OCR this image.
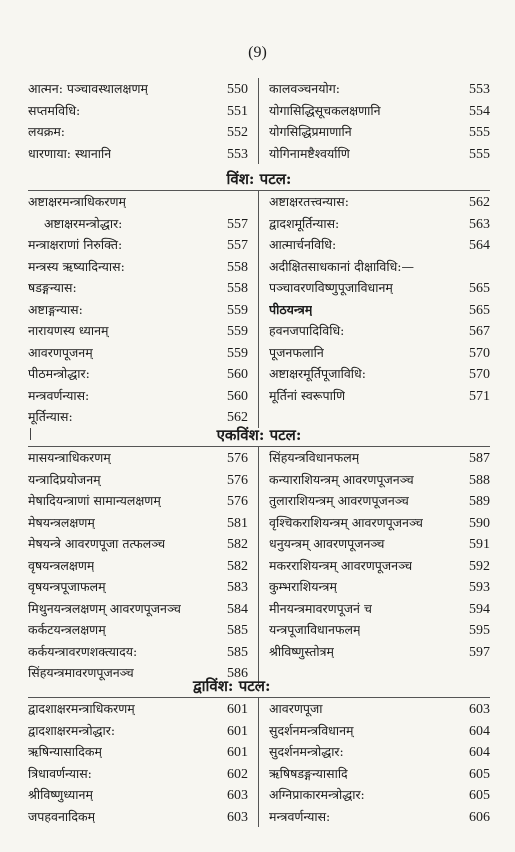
(9)
आत्मन: पञ्चावस्थालक्षणम्	550
सप्तमविधि:	551
लयक्रम:	552
धारणाया: स्थानानि	553
कालवञ्चनयोग:	553
योगासिद्धिसूचकलक्षणानि	554
योगसिद्धिप्रमाणानि	555
योगिनामष्टैश्वर्याणि	555
विंश: पटल:
अष्टाक्षरमन्त्राधिकरणम्
अष्टाक्षरमन्त्रोद्धार:	557
मन्त्राक्षराणां निरुक्ति:	557
मन्त्रस्य ऋष्यादिन्यास:	558
षडङ्गन्यास:	558
अष्टाङ्गन्यास:	559
नारायणस्य ध्यानम्	559
आवरणपूजनम्	559
पीठमन्त्रोद्धार:	560
मन्त्रवर्णन्यास:	560
मूर्तिन्यास:	562
अष्टाक्षरतत्त्वन्यास:	562
द्वादशमूर्तिन्यास:	563
आत्मार्चनविधि:	564
अदीक्षितसाधकानां दीक्षाविधि:—
पञ्चावरणविष्णुपूजाविधानम्	565
पीठयन्त्रम्	565
हवनजपादिविधि:	567
पूजनफलानि	570
अष्टाक्षरमूर्तिपूजाविधि:	570
मूर्तिनां स्वरूपाणि	571
एकविंश: पटल:
मासयन्त्राधिकरणम्	576
यन्त्रादिप्रयोजनम्	576
मेषादियन्त्राणां सामान्यलक्षणम्	576
मेषयन्त्रलक्षणम्	581
मेषयन्त्रे आवरणपूजा तत्फलञ्च	582
वृषयन्त्रलक्षणम्	582
वृषयन्त्रपूजाफलम्	583
मिथुनयन्त्रलक्षणम् आवरणपूजनञ्च	584
कर्कटयन्त्रलक्षणम्	585
कर्कयन्त्रावरणशक्त्यादय:	585
सिंहयन्त्रमावरणपूजनञ्च	586
सिंहयन्त्रविधानफलम्	587
कन्याराशियन्त्रम् आवरणपूजनञ्च	588
तुलाराशियन्त्रम् आवरणपूजनञ्च	589
वृश्चिकराशियन्त्रम् आवरणपूजनञ्च	590
धनुयन्त्रम् आवरणपूजनञ्च	591
मकरराशियन्त्रम् आवरणपूजनञ्च	592
कुम्भराशियन्त्रम्	593
मीनयन्त्रमावरणपूजनं च	594
यन्त्रपूजाविधानफलम्	595
श्रीविष्णुस्तोत्रम्	597
द्वाविंश: पटल:
द्वादशाक्षरमन्त्राधिकरणम्	601
द्वादशाक्षरमन्त्रोद्धार:	601
ऋषिन्यासादिकम्	601
त्रिधावर्णन्यास:	602
श्रीविष्णुध्यानम्	603
जपहवनादिकम्	603
आवरणपूजा	603
सुदर्शनमन्त्रविधानम्	604
सुदर्शनमन्त्रोद्धार:	604
ऋषिषडङ्गन्यासादि	605
अग्निप्राकारमन्त्रोद्धार:	605
मन्त्रवर्णन्यास:	606
